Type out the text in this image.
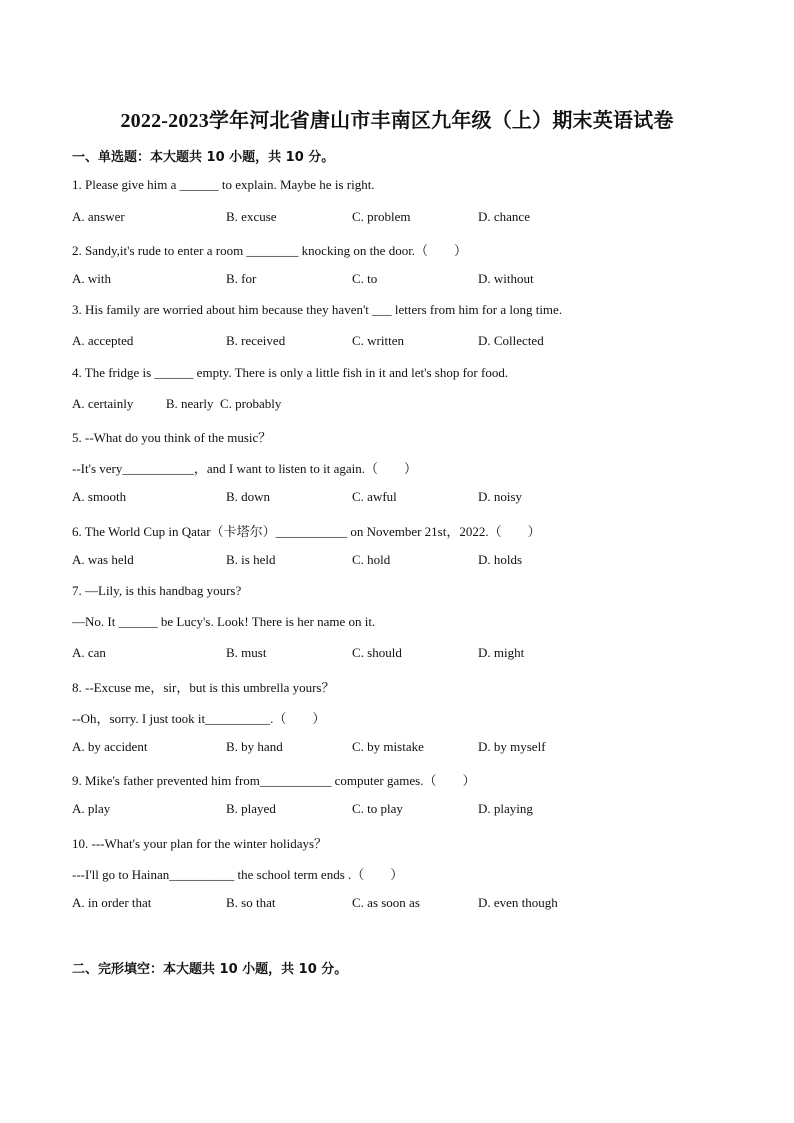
2022-2023学年河北省唐山市丰南区九年级（上）期末英语试卷
一、单选题：本大题共 10 小题，共 10 分。
1. Please give him a ______ to explain. Maybe he is right.
A. answer	B. excuse	C. problem	D. chance
2. Sandy,it's rude to enter a room ________ knocking on the door.（　　）
A. with	B. for	C. to	D. without
3. His family are worried about him because they haven't ___ letters from him for a long time.
A. accepted	B. received	C. written	D. Collected
4. The fridge is ______ empty. There is only a little fish in it and let's shop for food.
A. certainly          B. nearly  C. probably
5. --What do you think of the music？
--It's very___________，and I want to listen to it again.（　　）
A. smooth	B. down	C. awful	D. noisy
6. The World Cup in Qatar（卡塔尔）___________ on November 21st，2022.（　　）
A. was held	B. is held	C. hold	D. holds
7. —Lily, is this handbag yours?
—No. It ______ be Lucy's. Look! There is her name on it.
A. can	B. must	C. should	D. might
8. --Excuse me，sir，but is this umbrella yours？
--Oh，sorry. I just took it__________.（　　）
A. by accident	B. by hand	C. by mistake	D. by myself
9. Mike's father prevented him from___________ computer games.（　　）
A. play	B. played	C. to play	D. playing
10. ---What's your plan for the winter holidays？
---I'll go to Hainan__________ the school term ends .（　　）
A. in order that	B. so that	C. as soon as	D. even though
二、完形填空：本大题共 10 小题，共 10 分。
